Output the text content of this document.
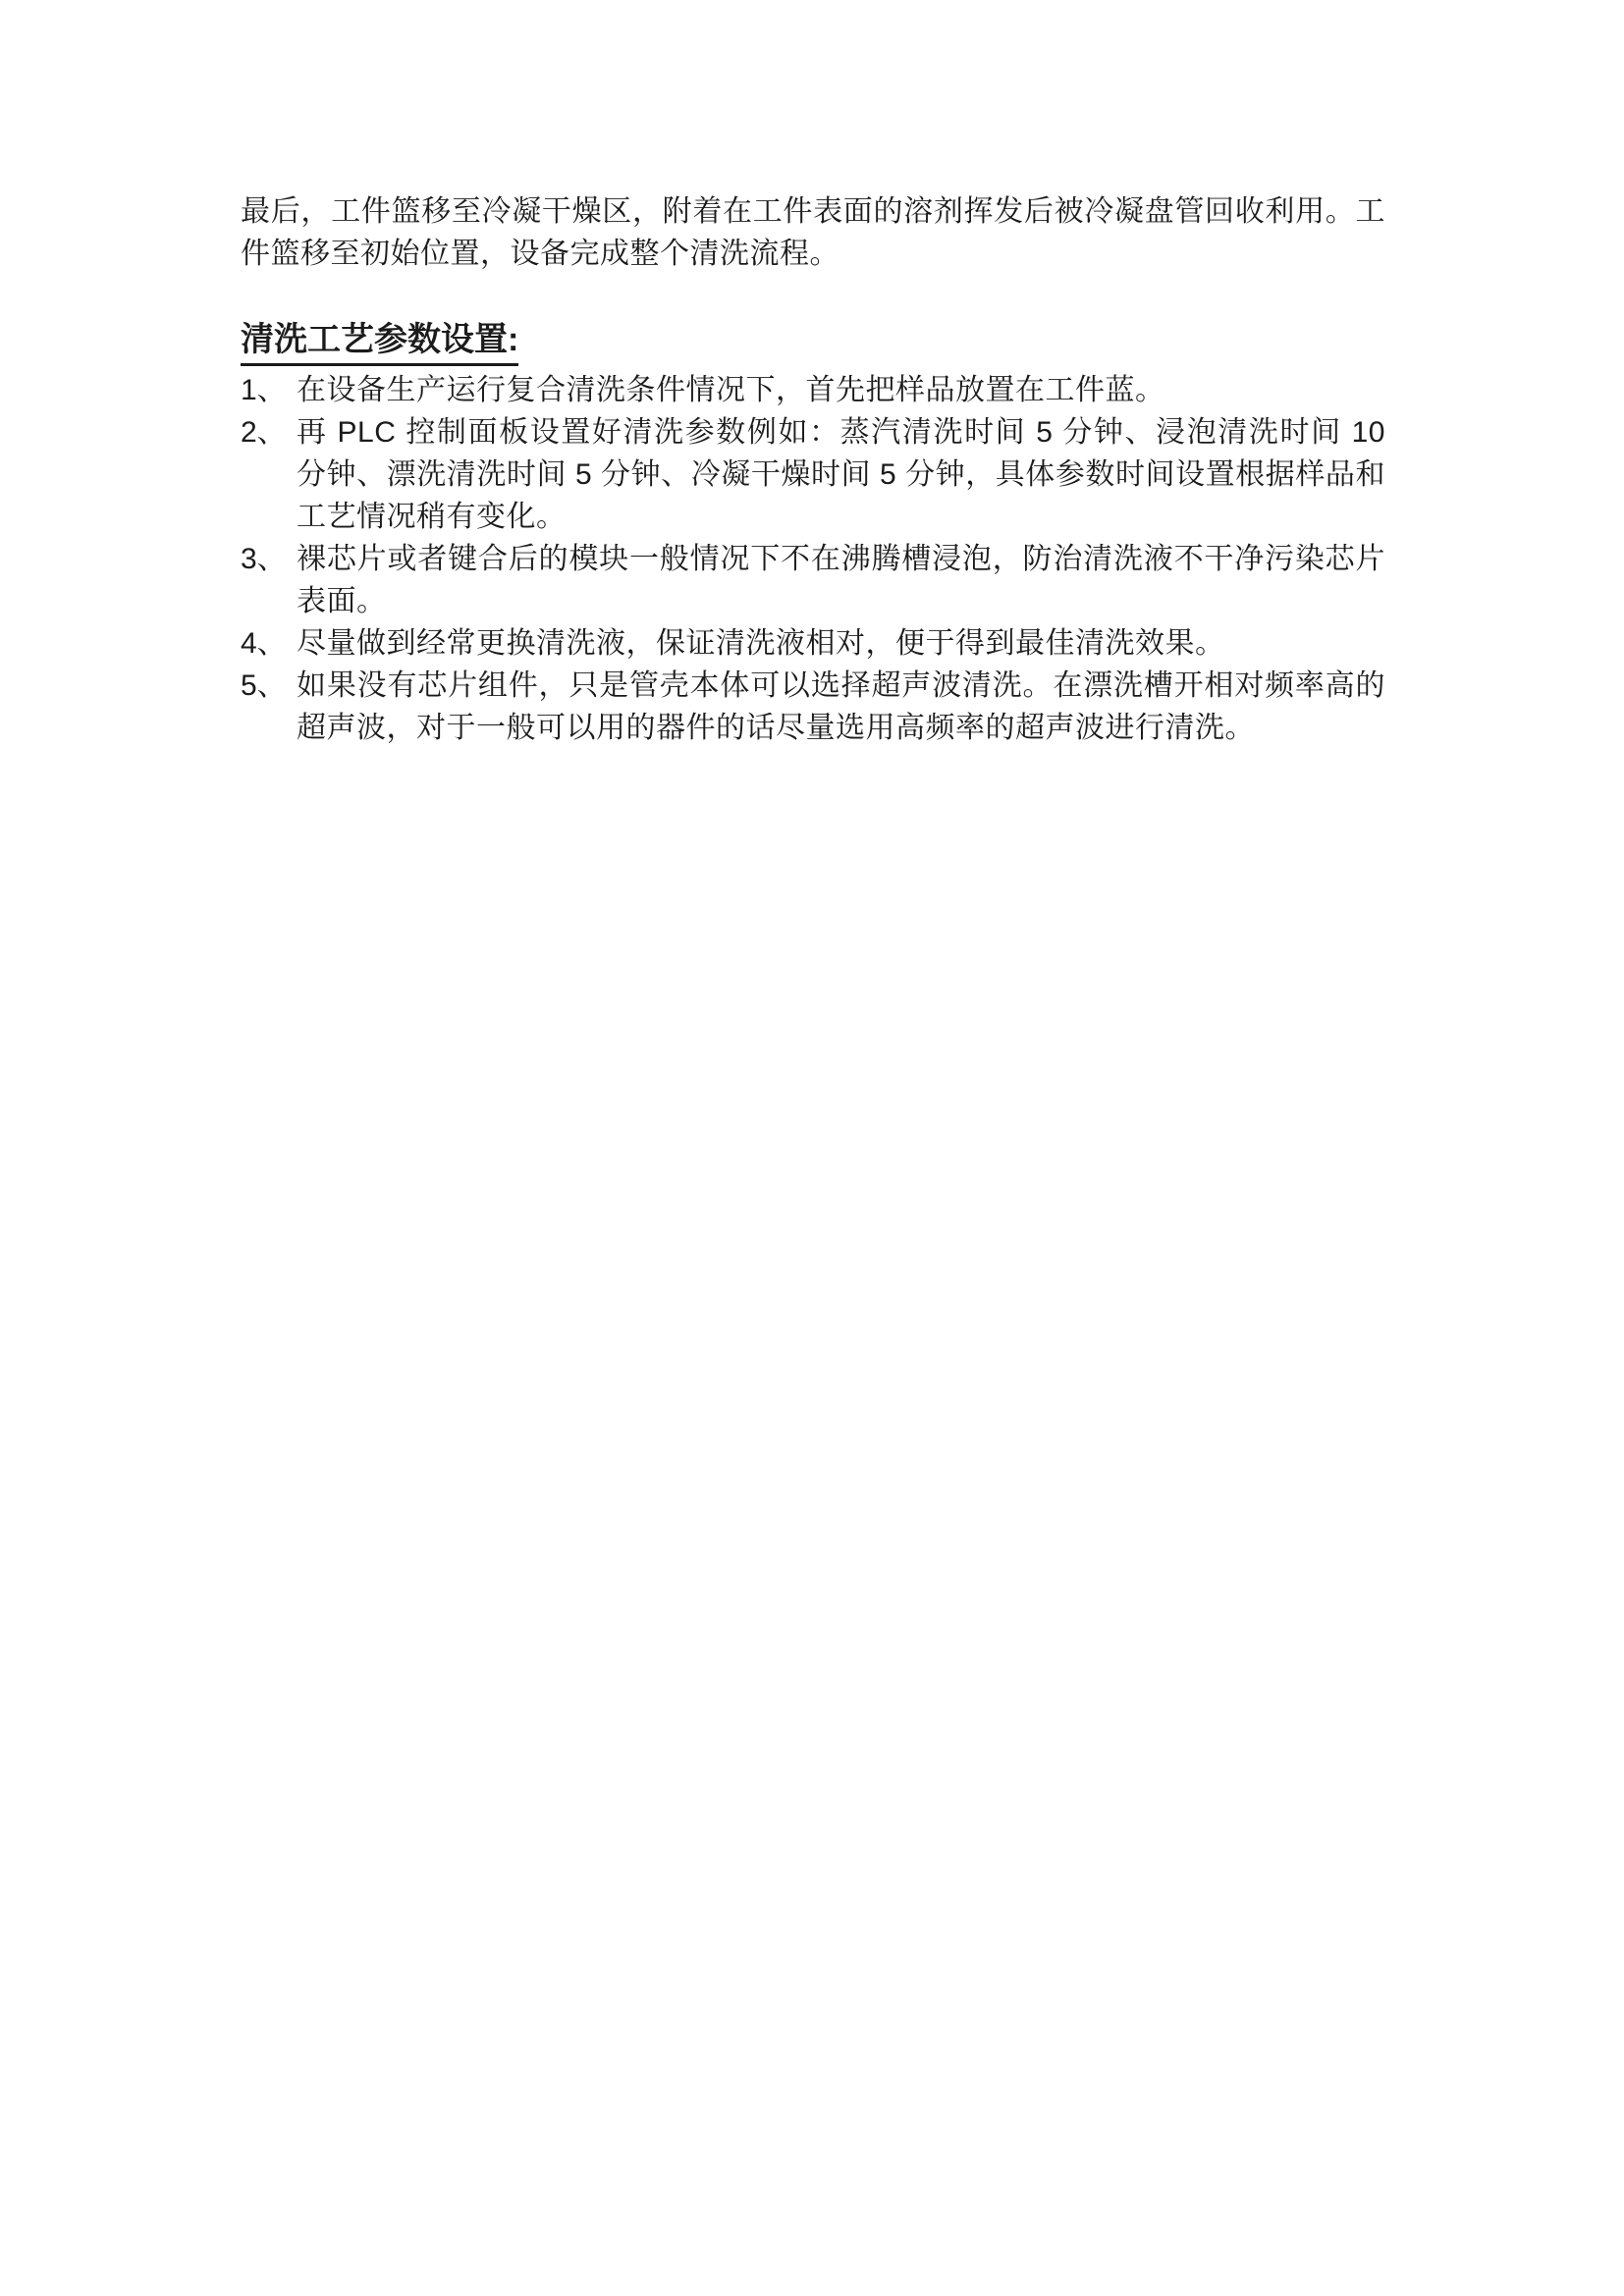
最后，工件篮移至冷凝干燥区，附着在工件表面的溶剂挥发后被冷凝盘管回收利用。工件篮移至初始位置，设备完成整个清洗流程。

清洗工艺参数设置:
1、 在设备生产运行复合清洗条件情况下，首先把样品放置在工件蓝。
2、 再 PLC 控制面板设置好清洗参数例如：蒸汽清洗时间 5 分钟、浸泡清洗时间 10 分钟、漂洗清洗时间 5 分钟、冷凝干燥时间 5 分钟，具体参数时间设置根据样品和工艺情况稍有变化。
3、 裸芯片或者键合后的模块一般情况下不在沸腾槽浸泡，防治清洗液不干净污染芯片表面。
4、 尽量做到经常更换清洗液，保证清洗液相对，便于得到最佳清洗效果。
5、 如果没有芯片组件，只是管壳本体可以选择超声波清洗。在漂洗槽开相对频率高的超声波，对于一般可以用的器件的话尽量选用高频率的超声波进行清洗。
